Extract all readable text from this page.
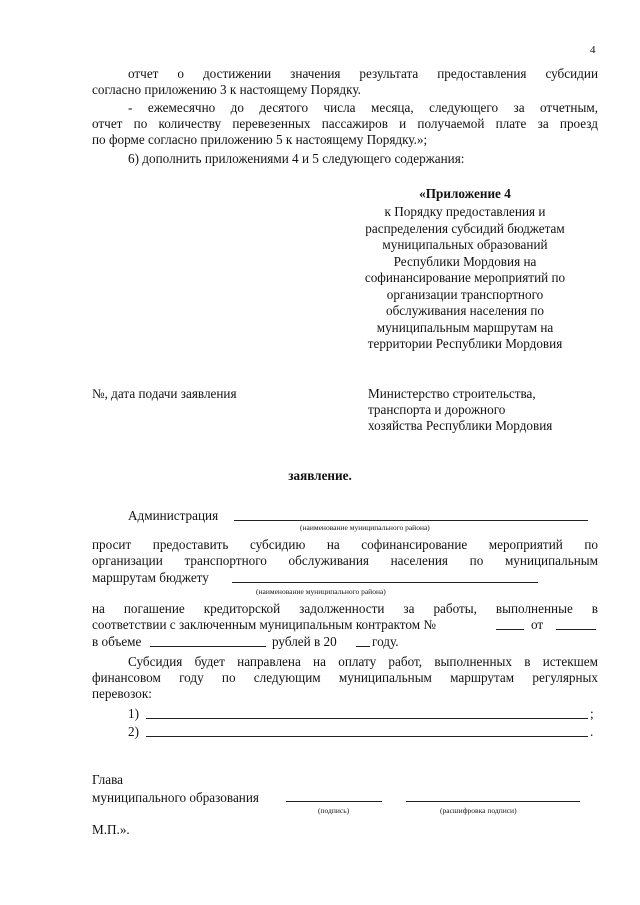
4
отчет о достижении значения результата предоставления субсидии
согласно приложению 3 к настоящему Порядку.
- ежемесячно до десятого числа месяца, следующего за отчетным,
отчет по количеству перевезенных пассажиров и получаемой плате за проезд
по форме согласно приложению 5 к настоящему Порядку.»;
6) дополнить приложениями 4 и 5 следующего содержания:
«Приложение 4
к Порядку предоставления и
распределения субсидий бюджетам
муниципальных образований
Республики Мордовия на
софинансирование мероприятий по
организации транспортного
обслуживания населения по
муниципальным маршрутам на
территории Республики Мордовия
№, дата подачи заявления	Министерство строительства,
транспорта и дорожного
хозяйства Республики Мордовия
заявление.
Администрация
(наименование муниципального района)
просит предоставить субсидию на софинансирование мероприятий по
организации транспортного обслуживания населения по муниципальным
маршрутам бюджету
(наименование муниципального района)
на погашение кредиторской задолженности за работы, выполненные в
соответствии с заключенным муниципальным контрактом №	от
в объеме	рублей в 20	году.
Субсидия будет направлена на оплату работ, выполненных в истекшем
финансовом году по следующим муниципальным маршрутам регулярных
перевозок:
1)	;
2)	.
Глава
муниципального образования
(подпись)	(расшифровка подписи)
М.П.».
